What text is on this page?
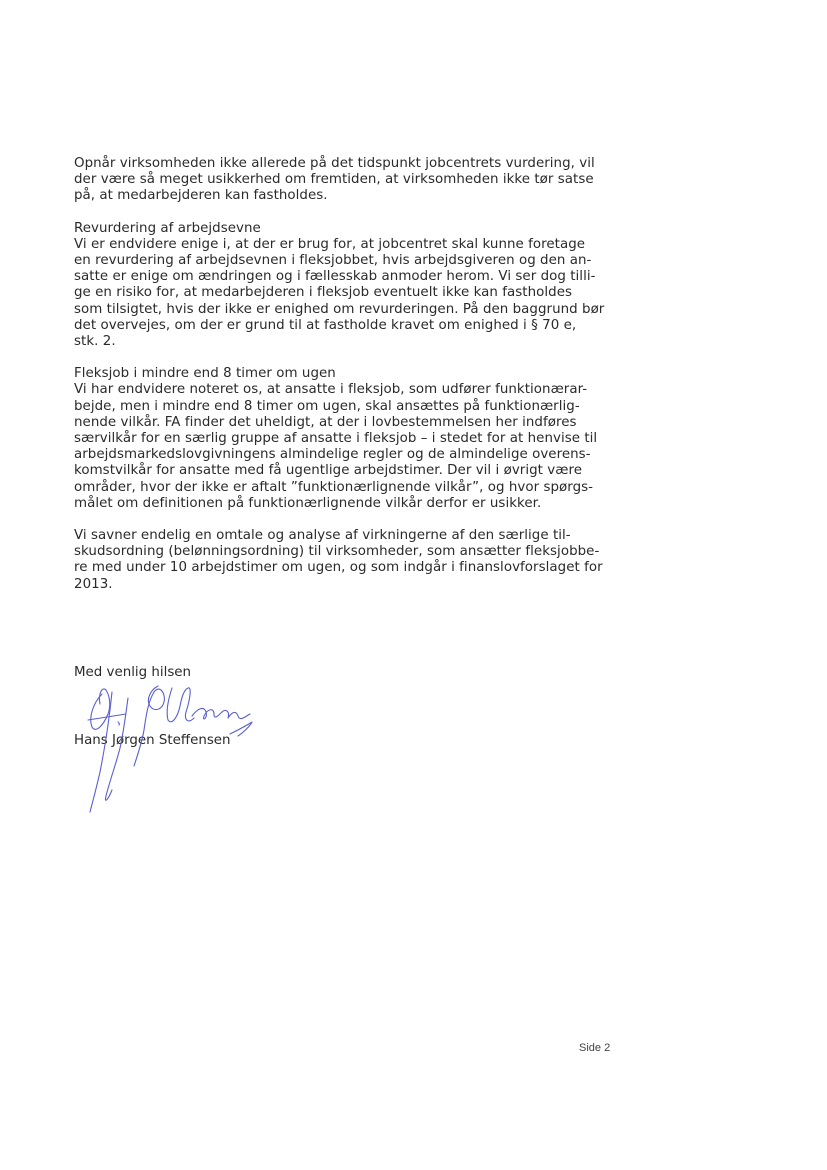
Opnår virksomheden ikke allerede på det tidspunkt jobcentrets vurdering, vil
der være så meget usikkerhed om fremtiden, at virksomheden ikke tør satse
på, at medarbejderen kan fastholdes.
Revurdering af arbejdsevne
Vi er endvidere enige i, at der er brug for, at jobcentret skal kunne foretage
en revurdering af arbejdsevnen i fleksjobbet, hvis arbejdsgiveren og den an-
satte er enige om ændringen og i fællesskab anmoder herom. Vi ser dog tilli-
ge en risiko for, at medarbejderen i fleksjob eventuelt ikke kan fastholdes
som tilsigtet, hvis der ikke er enighed om revurderingen. På den baggrund bør
det overvejes, om der er grund til at fastholde kravet om enighed i § 70 e,
stk. 2.
Fleksjob i mindre end 8 timer om ugen
Vi har endvidere noteret os, at ansatte i fleksjob, som udfører funktionærar-
bejde, men i mindre end 8 timer om ugen, skal ansættes på funktionærlig-
nende vilkår. FA finder det uheldigt, at der i lovbestemmelsen her indføres
særvilkår for en særlig gruppe af ansatte i fleksjob – i stedet for at henvise til
arbejdsmarkedslovgivningens almindelige regler og de almindelige overens-
komstvilkår for ansatte med få ugentlige arbejdstimer. Der vil i øvrigt være
områder, hvor der ikke er aftalt ”funktionærlignende vilkår”, og hvor spørgs-
målet om definitionen på funktionærlignende vilkår derfor er usikker.
Vi savner endelig en omtale og analyse af virkningerne af den særlige til-
skudsordning (belønningsordning) til virksomheder, som ansætter fleksjobbe-
re med under 10 arbejdstimer om ugen, og som indgår i finanslovforslaget for
2013.
Med venlig hilsen
Hans Jørgen Steffensen
Side 2
